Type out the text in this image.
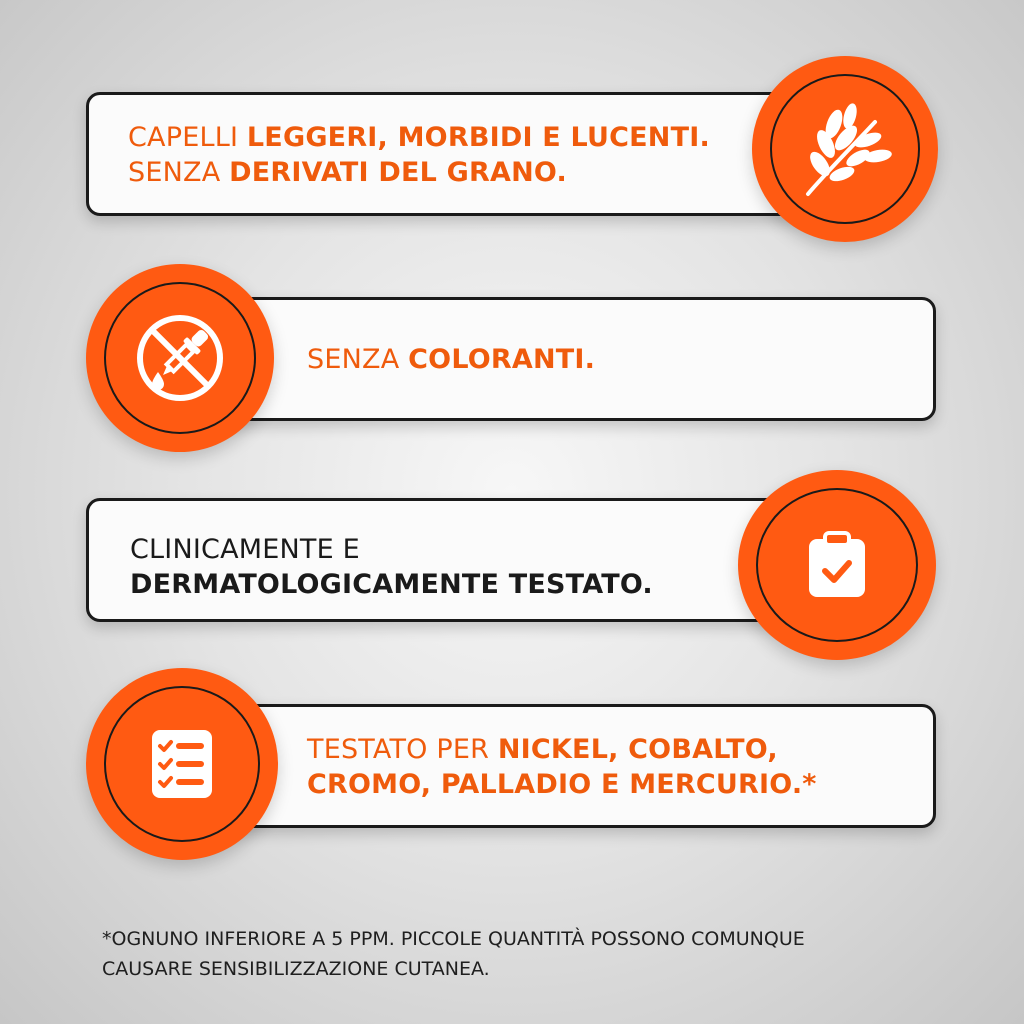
CAPELLI LEGGERI, MORBIDI E LUCENTI.
SENZA DERIVATI DEL GRANO.
SENZA COLORANTI.
CLINICAMENTE E
DERMATOLOGICAMENTE TESTATO.
TESTATO PER NICKEL, COBALTO,
CROMO, PALLADIO E MERCURIO.*
*OGNUNO INFERIORE A 5 PPM. PICCOLE QUANTITÀ POSSONO COMUNQUE
CAUSARE SENSIBILIZZAZIONE CUTANEA.
